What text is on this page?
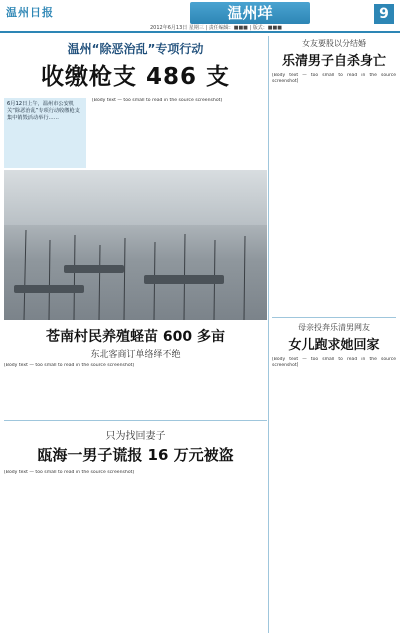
温州日报	温州垟
2012年6月13日 星期三 | 责任编辑：■■■ | 版式：■■■
9
温州“除恶治乱”专项行动
收缴枪支 486 支
6月12日上午，温州市公安机关“除恶治乱”专项行动收缴枪支集中销毁活动举行……
[Body text — too small to read in the source screenshot]
苍南村民养殖蛏苗 600 多亩
东北客商订单络绎不绝
[Body text — too small to read in the source screenshot]
只为找回妻子
瓯海一男子谎报 16 万元被盗
[Body text — too small to read in the source screenshot]
女友要股以分结婚
乐清男子自杀身亡
[Body text — too small to read in the source screenshot]
母亲投奔乐清男网友
女儿跑求她回家
[Body text — too small to read in the source screenshot]
